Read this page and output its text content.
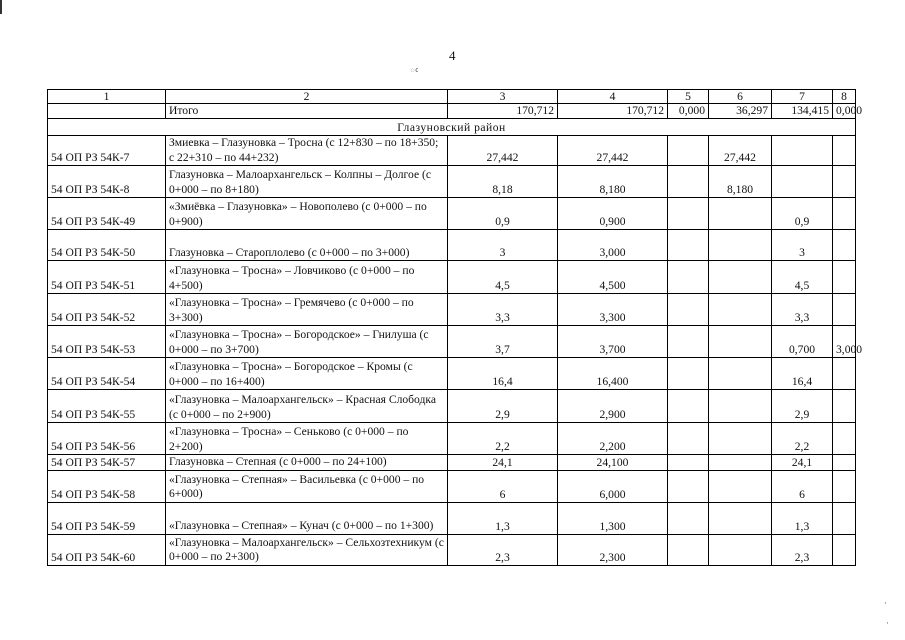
4
ఁ
·
·
1	2	3	4	5	6	7	8
	Итого	170,712	170,712	0,000	36,297	134,415	0,000
Глазуновский район							
54 ОП РЗ 54К-7	Змиевка – Глазуновка – Тросна (с 12+830 – по 18+350; с 22+310 – по 44+232)	27,442	27,442		27,442		
54 ОП РЗ 54К-8	Глазуновка – Малоархангельск – Колпны – Долгое (с 0+000 – по 8+180)	8,18	8,180		8,180		
54 ОП РЗ 54К-49	«Змиёвка – Глазуновка» – Новополево (с 0+000 – по 0+900)	0,9	0,900			0,9	
54 ОП РЗ 54К-50	Глазуновка – Староплолево (с 0+000 – по 3+000)	3	3,000			3	
54 ОП РЗ 54К-51	«Глазуновка – Тросна» – Ловчиково (с 0+000 – по 4+500)	4,5	4,500			4,5	
54 ОП РЗ 54К-52	«Глазуновка – Тросна» – Гремячево (с 0+000 – по 3+300)	3,3	3,300			3,3	
54 ОП РЗ 54К-53	«Глазуновка – Тросна» – Богородское» – Гнилуша (с 0+000 – по 3+700)	3,7	3,700			0,700	3,000
54 ОП РЗ 54К-54	«Глазуновка – Тросна» – Богородское – Кромы (с 0+000 – по 16+400)	16,4	16,400			16,4	
54 ОП РЗ 54К-55	«Глазуновка – Малоархангельск» – Красная Слободка (с 0+000 – по 2+900)	2,9	2,900			2,9	
54 ОП РЗ 54К-56	«Глазуновка – Тросна» – Сеньково (с 0+000 – по 2+200)	2,2	2,200			2,2	
54 ОП РЗ 54К-57	Глазуновка – Степная (с 0+000 – по 24+100)	24,1	24,100			24,1	
54 ОП РЗ 54К-58	«Глазуновка – Степная» – Васильевка (с 0+000 – по 6+000)	6	6,000			6	
54 ОП РЗ 54К-59	«Глазуновка – Степная» – Кунач (с 0+000 – по 1+300)	1,3	1,300			1,3	
54 ОП РЗ 54К-60	«Глазуновка – Малоархангельск» – Сельхозтехникум (с 0+000 – по 2+300)	2,3	2,300			2,3	
